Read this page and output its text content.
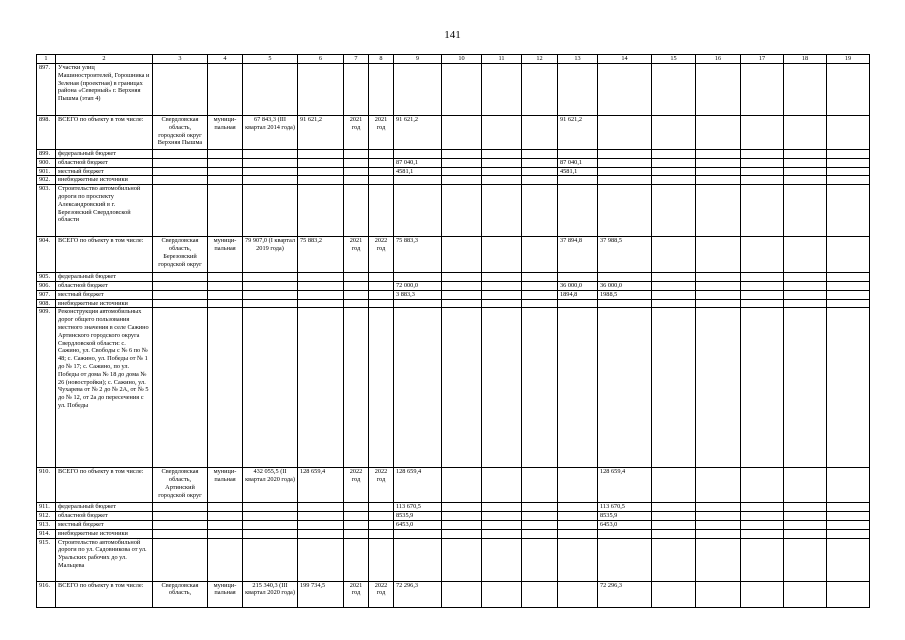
141
1	2	3	4	5	6	7	8	9	10	11	12	13	14	15	16	17	18	19
897.	Участки улиц Машиностроителей, Горошника и Зеленая (проектная) в границах района «Северный» г. Верхняя Пышма (этап 4)																	
898.	ВСЕГО по объекту в том числе:	Свердловская область, городской округ Верхняя Пышма	муници-пальная	67 843,3 (III квартал 2014 года)	91 621,2	2021 год	2021 год	91 621,2				91 621,2						
899.	федеральный бюджет																	
900.	областной бюджет							87 040,1				87 040,1						
901.	местный бюджет							4581,1				4581,1						
902.	внебюджетные источники																	
903.	Строительство автомобильной дороги по проспекту Александровский в г. Березовский Свердловской области																	
904.	ВСЕГО по объекту в том числе:	Свердловская область, Березовский городской округ	муници-пальная	79 907,0 (I квартал 2019 года)	75 883,2	2021 год	2022 год	75 883,3				37 894,8	37 988,5					
905.	федеральный бюджет																	
906.	областной бюджет							72 000,0				36 000,0	36 000,0					
907.	местный бюджет							3 883,3				1894,8	1988,5					
908.	внебюджетные источники																	
909.	Реконструкция автомобильных дорог общего пользования местного значения в селе Сажино Артинского городского округа Свердловской области: с. Сажино, ул. Свободы с № 6 по № 48; с. Сажино, ул. Победы от № 1 до № 17; с. Сажино, по ул. Победы от дома № 18 до дома № 26 (новостройки); с. Сажино, ул. Чухарева от № 2 до № 2А, от № 5 до № 12, от 2а до пересечения с ул. Победы																	
910.	ВСЕГО по объекту в том числе:	Свердловская область, Артинский городской округ	муници-пальная	432 055,5 (II квартал 2020 года)	128 659,4	2022 год	2022 год	128 659,4					128 659,4					
911.	федеральный бюджет							113 670,5					113 670,5					
912.	областной бюджет							8535,9					8535,9					
913.	местный бюджет							6453,0					6453,0					
914.	внебюджетные источники																	
915.	Строительство автомобильной дороги по ул. Садовникова от ул. Уральских рабочих до ул. Мальцева																	
916.	ВСЕГО по объекту в том числе:	Свердловская область,	муници-пальная	215 340,3 (III квартал 2020 года)	199 734,5	2021 год	2022 год	72 296,3					72 296,3					
